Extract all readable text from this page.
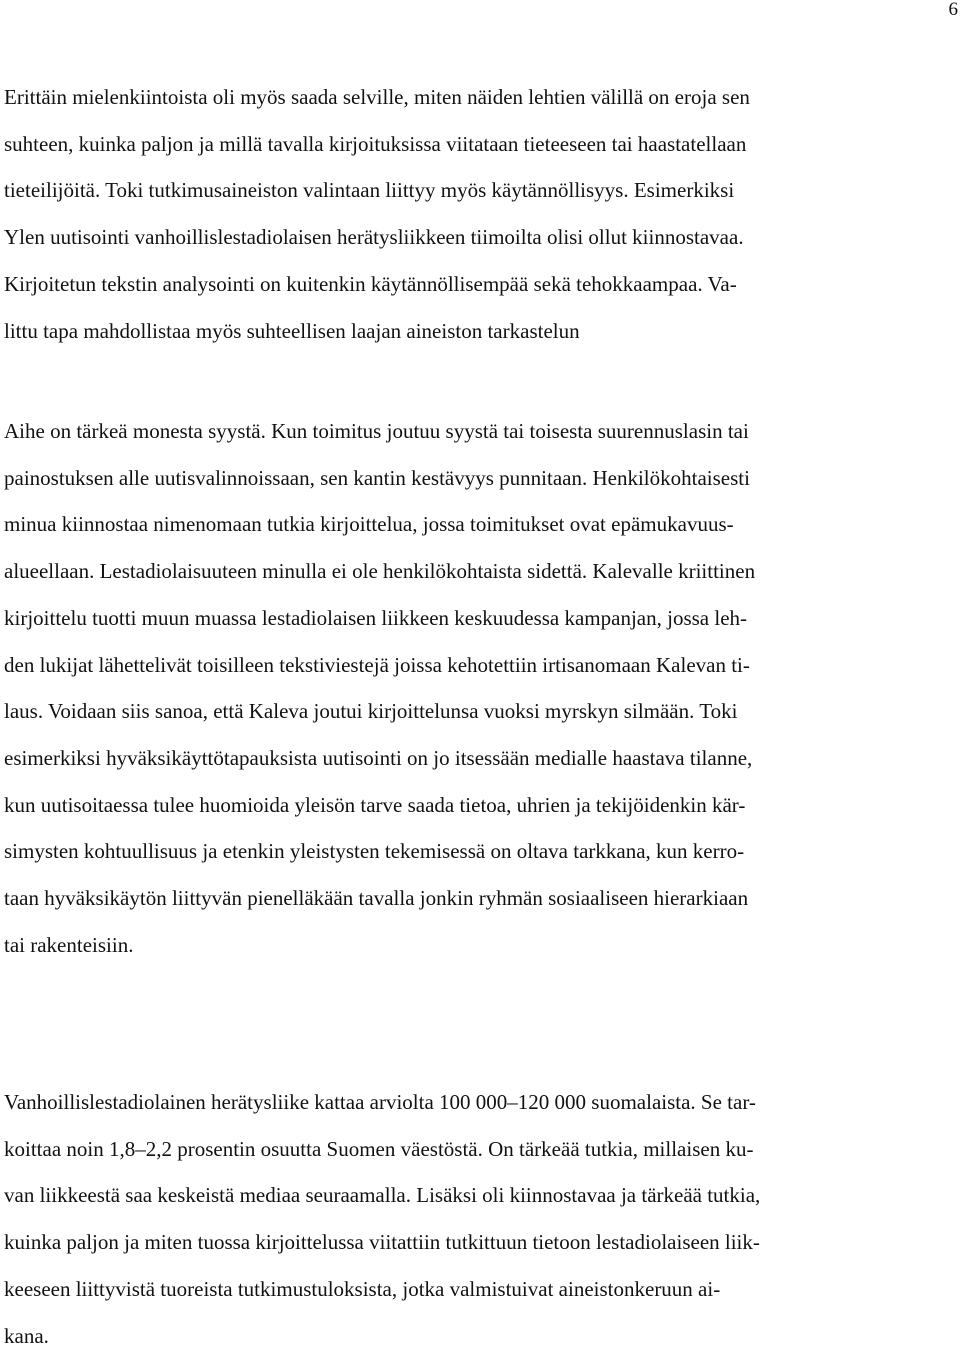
6

Erittäin mielenkiintoista oli myös saada selville, miten näiden lehtien välillä on eroja sen
suhteen, kuinka paljon ja millä tavalla kirjoituksissa viitataan tieteeseen tai haastatellaan
tieteilijöitä. Toki tutkimusaineiston valintaan liittyy myös käytännöllisyys. Esimerkiksi
Ylen uutisointi vanhoillislestadiolaisen herätysliikkeen tiimoilta olisi ollut kiinnostavaa.
Kirjoitetun tekstin analysointi on kuitenkin käytännöllisempää sekä tehokkaampaa. Va-
littu tapa mahdollistaa myös suhteellisen laajan aineiston tarkastelun

Aihe on tärkeä monesta syystä. Kun toimitus joutuu syystä tai toisesta suurennuslasin tai
painostuksen alle uutisvalinnoissaan, sen kantin kestävyys punnitaan. Henkilökohtaisesti
minua kiinnostaa nimenomaan tutkia kirjoittelua, jossa toimitukset ovat epämukavuus-
alueellaan. Lestadiolaisuuteen minulla ei ole henkilökohtaista sidettä. Kalevalle kriittinen
kirjoittelu tuotti muun muassa lestadiolaisen liikkeen keskuudessa kampanjan, jossa leh-
den lukijat lähettelivät toisilleen tekstiviestejä joissa kehotettiin irtisanomaan Kalevan ti-
laus. Voidaan siis sanoa, että Kaleva joutui kirjoittelunsa vuoksi myrskyn silmään. Toki
esimerkiksi hyväksikäyttötapauksista uutisointi on jo itsessään medialle haastava tilanne,
kun uutisoitaessa tulee huomioida yleisön tarve saada tietoa, uhrien ja tekijöidenkin kär-
simysten kohtuullisuus ja etenkin yleistysten tekemisessä on oltava tarkkana, kun kerro-
taan hyväksikäytön liittyvän pienelläkään tavalla jonkin ryhmän sosiaaliseen hierarkiaan
tai rakenteisiin.

Vanhoillislestadiolainen herätysliike kattaa arviolta 100 000–120 000 suomalaista. Se tar-
koittaa noin 1,8–2,2 prosentin osuutta Suomen väestöstä. On tärkeää tutkia, millaisen ku-
van liikkeestä saa keskeistä mediaa seuraamalla. Lisäksi oli kiinnostavaa ja tärkeää tutkia,
kuinka paljon ja miten tuossa kirjoittelussa viitattiin tutkittuun tietoon lestadiolaiseen liik-
keeseen liittyvistä tuoreista tutkimustuloksista, jotka valmistuivat aineistonkeruun ai-
kana.
